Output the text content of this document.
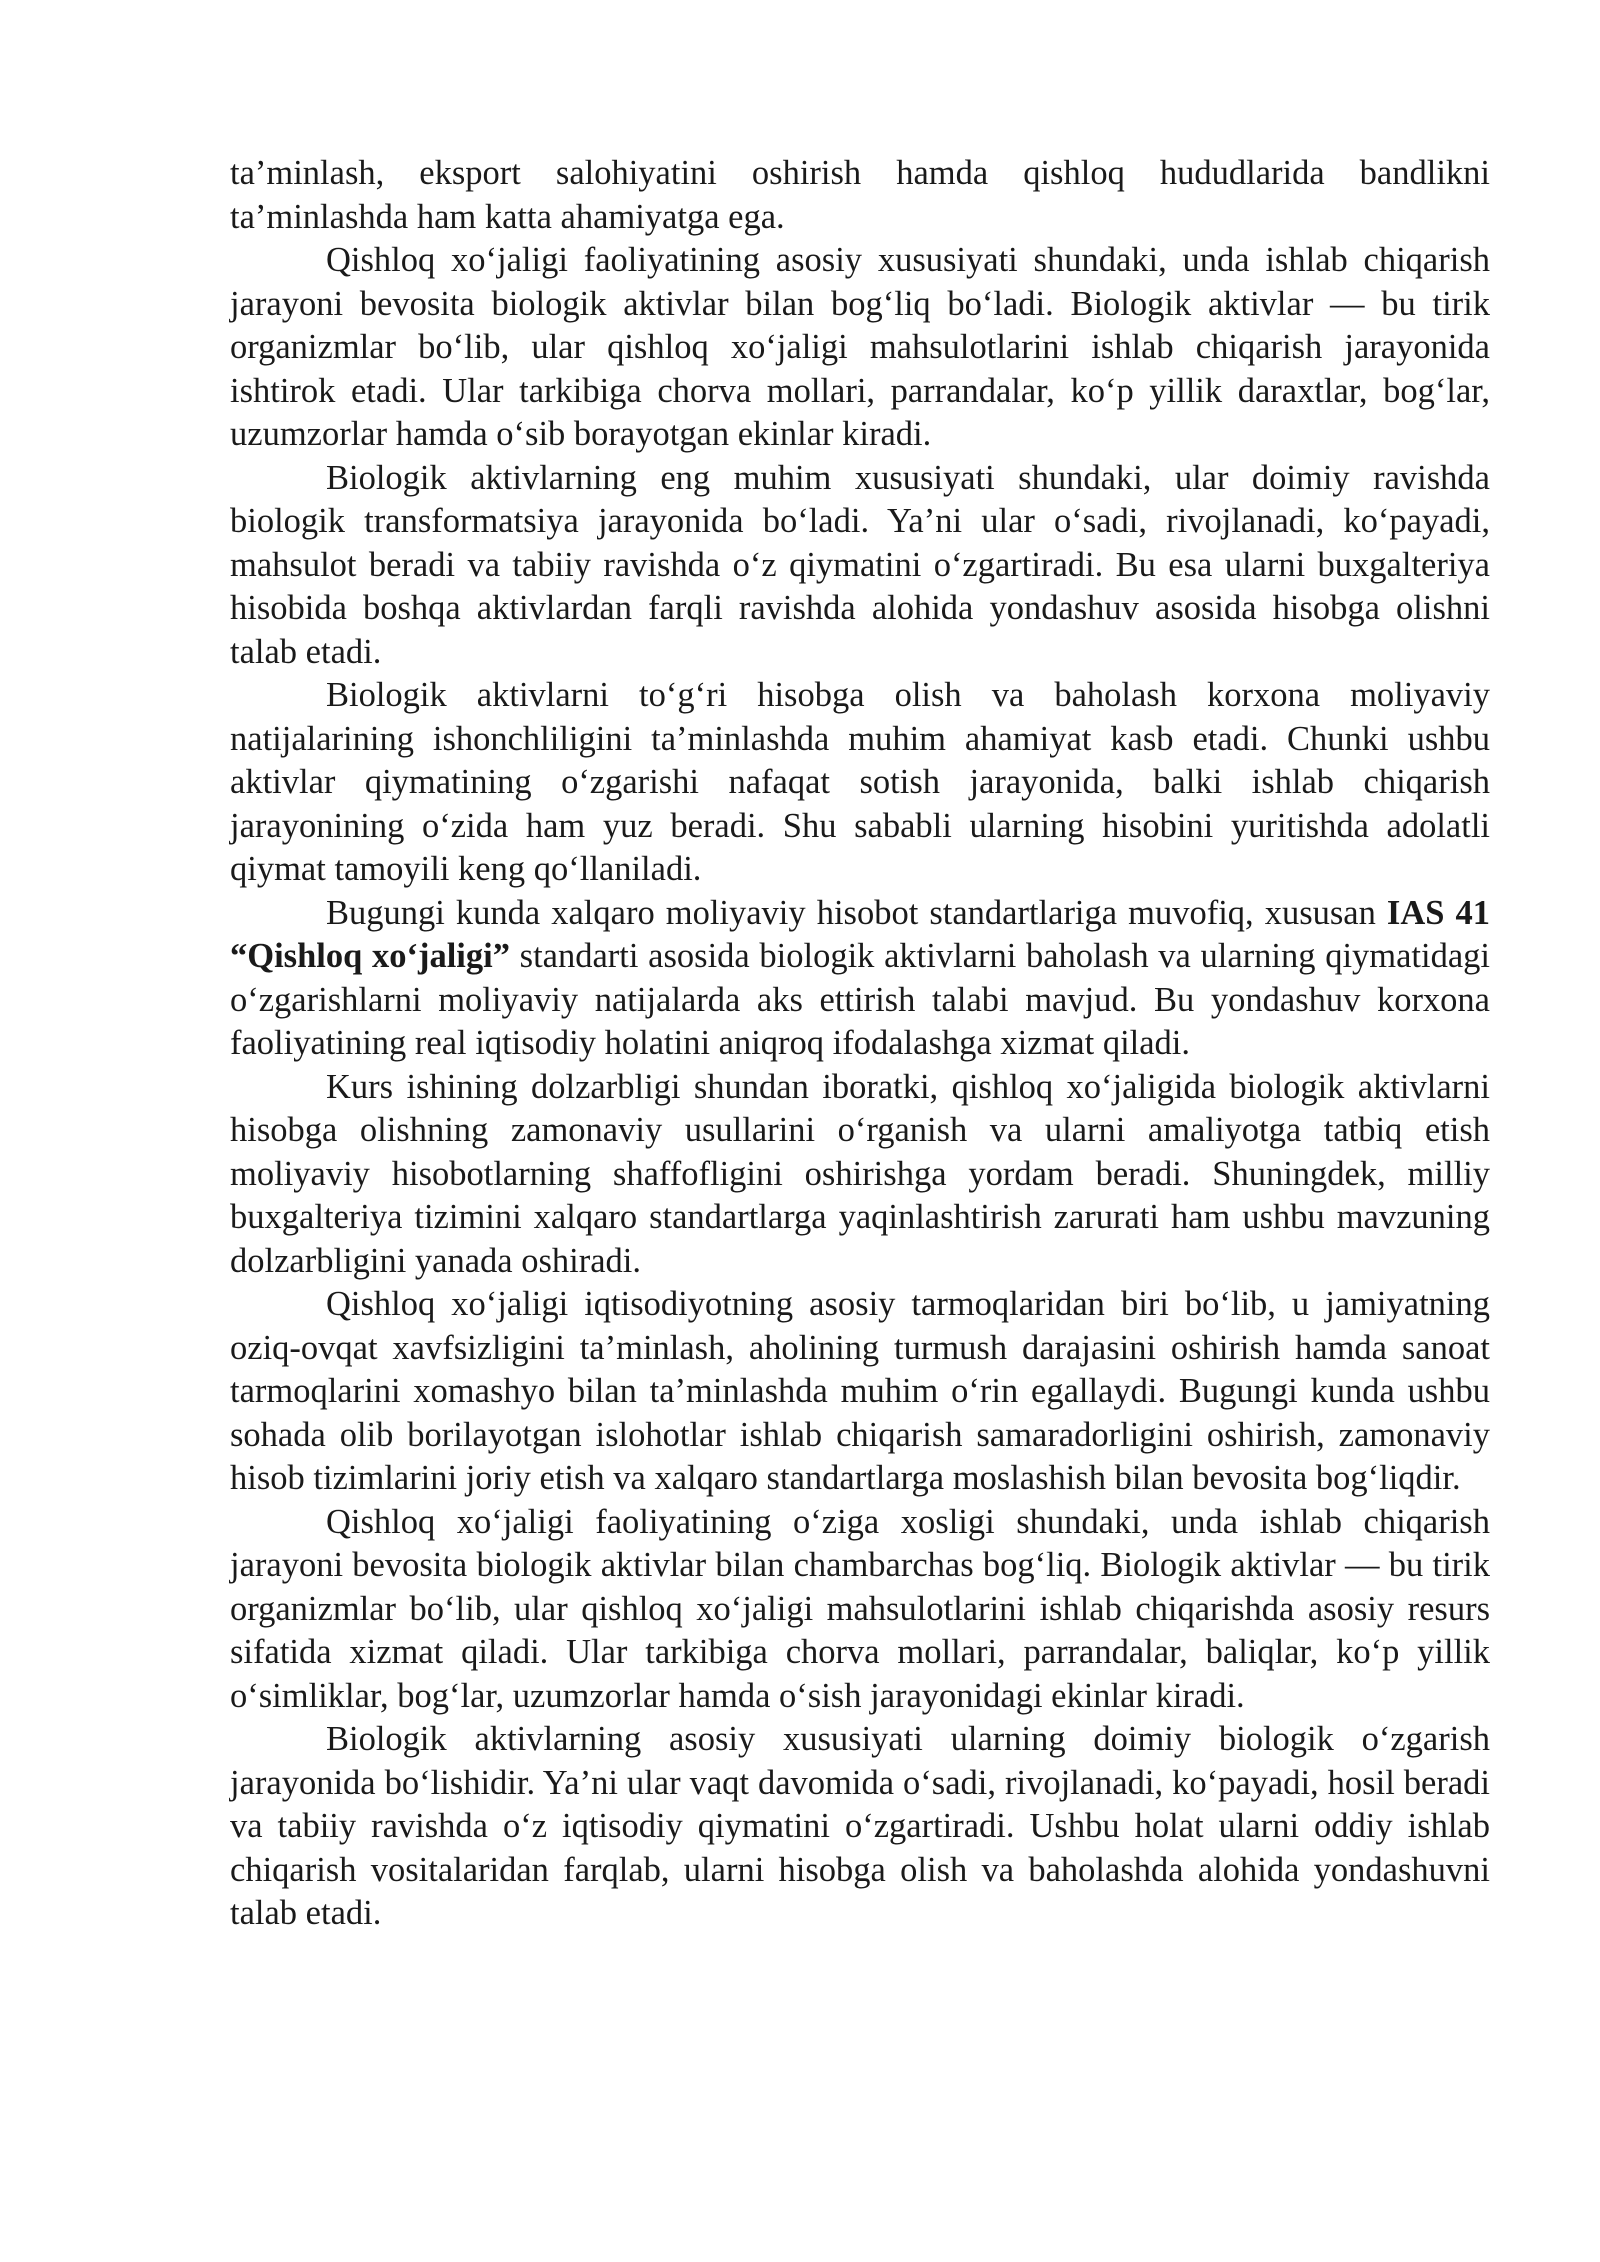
ta’minlash, eksport salohiyatini oshirish hamda qishloq hududlarida bandlikni ta’minlashda ham katta ahamiyatga ega.

Qishloq xo‘jaligi faoliyatining asosiy xususiyati shundaki, unda ishlab chiqarish jarayoni bevosita biologik aktivlar bilan bog‘liq bo‘ladi. Biologik aktivlar — bu tirik organizmlar bo‘lib, ular qishloq xo‘jaligi mahsulotlarini ishlab chiqarish jarayonida ishtirok etadi. Ular tarkibiga chorva mollari, parrandalar, ko‘p yillik daraxtlar, bog‘lar, uzumzorlar hamda o‘sib borayotgan ekinlar kiradi.

Biologik aktivlarning eng muhim xususiyati shundaki, ular doimiy ravishda biologik transformatsiya jarayonida bo‘ladi. Ya’ni ular o‘sadi, rivojlanadi, ko‘payadi, mahsulot beradi va tabiiy ravishda o‘z qiymatini o‘zgartiradi. Bu esa ularni buxgalteriya hisobida boshqa aktivlardan farqli ravishda alohida yondashuv asosida hisobga olishni talab etadi.

Biologik aktivlarni to‘g‘ri hisobga olish va baholash korxona moliyaviy natijalarining ishonchliligini ta’minlashda muhim ahamiyat kasb etadi. Chunki ushbu aktivlar qiymatining o‘zgarishi nafaqat sotish jarayonida, balki ishlab chiqarish jarayonining o‘zida ham yuz beradi. Shu sababli ularning hisobini yuritishda adolatli qiymat tamoyili keng qo‘llaniladi.

Bugungi kunda xalqaro moliyaviy hisobot standartlariga muvofiq, xususan IAS 41 “Qishloq xo‘jaligi” standarti asosida biologik aktivlarni baholash va ularning qiymatidagi o‘zgarishlarni moliyaviy natijalarda aks ettirish talabi mavjud. Bu yondashuv korxona faoliyatining real iqtisodiy holatini aniqroq ifodalashga xizmat qiladi.

Kurs ishining dolzarbligi shundan iboratki, qishloq xo‘jaligida biologik aktivlarni hisobga olishning zamonaviy usullarini o‘rganish va ularni amaliyotga tatbiq etish moliyaviy hisobotlarning shaffofligini oshirishga yordam beradi. Shuningdek, milliy buxgalteriya tizimini xalqaro standartlarga yaqinlashtirish zarurati ham ushbu mavzuning dolzarbligini yanada oshiradi.

Qishloq xo‘jaligi iqtisodiyotning asosiy tarmoqlaridan biri bo‘lib, u jamiyatning oziq-ovqat xavfsizligini ta’minlash, aholining turmush darajasini oshirish hamda sanoat tarmoqlarini xomashyo bilan ta’minlashda muhim o‘rin egallaydi. Bugungi kunda ushbu sohada olib borilayotgan islohotlar ishlab chiqarish samaradorligini oshirish, zamonaviy hisob tizimlarini joriy etish va xalqaro standartlarga moslashish bilan bevosita bog‘liqdir.

Qishloq xo‘jaligi faoliyatining o‘ziga xosligi shundaki, unda ishlab chiqarish jarayoni bevosita biologik aktivlar bilan chambarchas bog‘liq. Biologik aktivlar — bu tirik organizmlar bo‘lib, ular qishloq xo‘jaligi mahsulotlarini ishlab chiqarishda asosiy resurs sifatida xizmat qiladi. Ular tarkibiga chorva mollari, parrandalar, baliqlar, ko‘p yillik o‘simliklar, bog‘lar, uzumzorlar hamda o‘sish jarayonidagi ekinlar kiradi.

Biologik aktivlarning asosiy xususiyati ularning doimiy biologik o‘zgarish jarayonida bo‘lishidir. Ya’ni ular vaqt davomida o‘sadi, rivojlanadi, ko‘payadi, hosil beradi va tabiiy ravishda o‘z iqtisodiy qiymatini o‘zgartiradi. Ushbu holat ularni oddiy ishlab chiqarish vositalaridan farqlab, ularni hisobga olish va baholashda alohida yondashuvni talab etadi.
